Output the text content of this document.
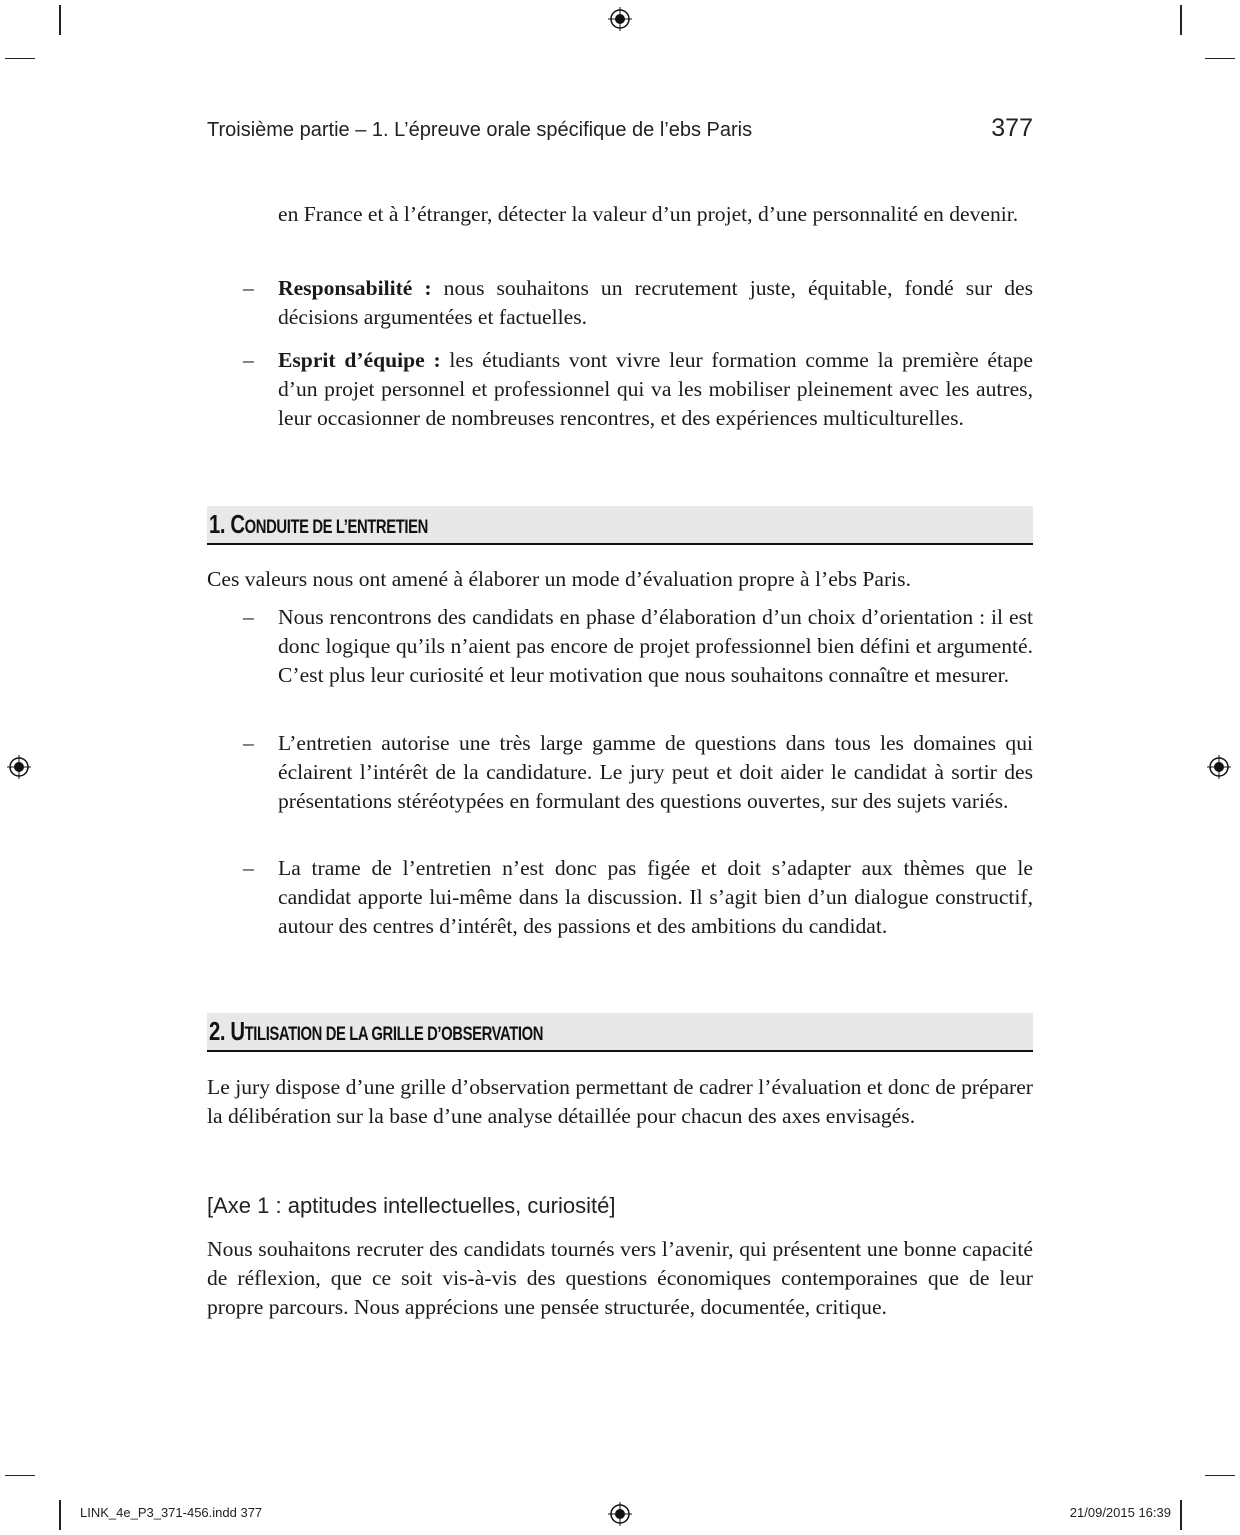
Troisième partie – 1. L’épreuve orale spécifique de l’ebs Paris	377
en France et à l’étranger, détecter la valeur d’un projet, d’une personnalité en devenir.
–	Responsabilité : nous souhaitons un recrutement juste, équitable, fondé sur des décisions argumentées et factuelles.
–	Esprit d’équipe : les étudiants vont vivre leur formation comme la première étape d’un projet personnel et professionnel qui va les mobiliser pleinement avec les autres, leur occasionner de nombreuses rencontres, et des expériences multiculturelles.
1. CONDUITE DE L’ENTRETIEN
Ces valeurs nous ont amené à élaborer un mode d’évaluation propre à l’ebs Paris.
–	Nous rencontrons des candidats en phase d’élaboration d’un choix d’orientation : il est donc logique qu’ils n’aient pas encore de projet professionnel bien défini et argumenté. C’est plus leur curiosité et leur motivation que nous souhaitons connaître et mesurer.
–	L’entretien autorise une très large gamme de questions dans tous les domaines qui éclairent l’intérêt de la candidature. Le jury peut et doit aider le candidat à sortir des présentations stéréotypées en formulant des questions ouvertes, sur des sujets variés.
–	La trame de l’entretien n’est donc pas figée et doit s’adapter aux thèmes que le candidat apporte lui-même dans la discussion. Il s’agit bien d’un dialogue constructif, autour des centres d’intérêt, des passions et des ambitions du candidat.
2. UTILISATION DE LA GRILLE D’OBSERVATION
Le jury dispose d’une grille d’observation permettant de cadrer l’évaluation et donc de préparer la délibération sur la base d’une analyse détaillée pour chacun des axes envisagés.
[Axe 1 : aptitudes intellectuelles, curiosité]
Nous souhaitons recruter des candidats tournés vers l’avenir, qui présentent une bonne capacité de réflexion, que ce soit vis-à-vis des questions économiques contemporaines que de leur propre parcours. Nous apprécions une pensée structurée, documentée, critique.
LINK_4e_P3_371-456.indd 377	21/09/2015 16:39
